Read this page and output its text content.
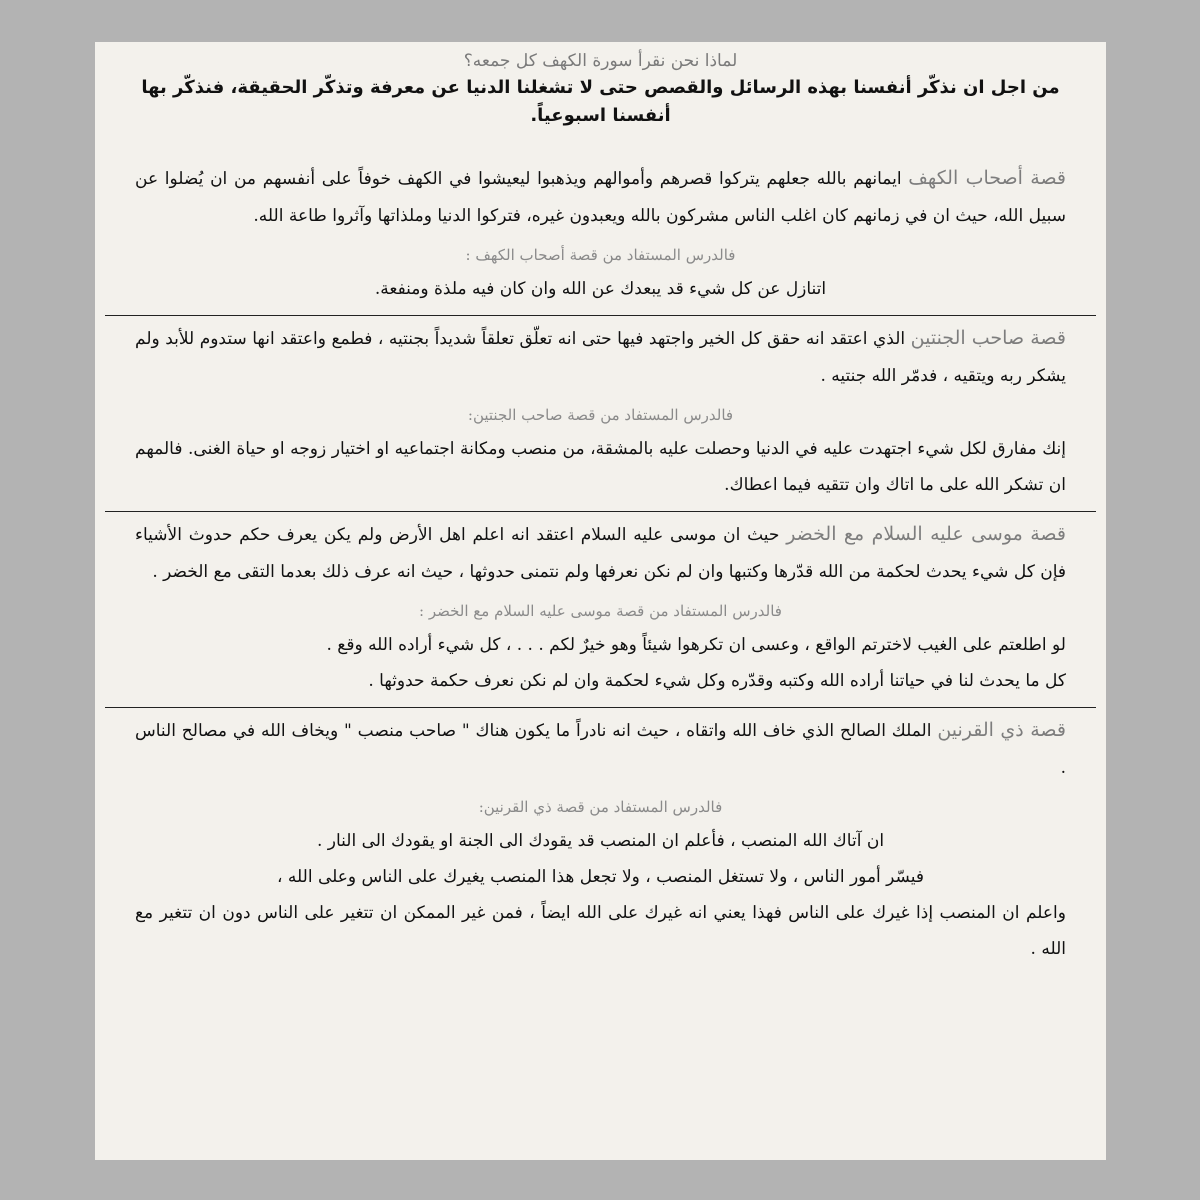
لماذا نحن نقرأ سورة الكهف كل جمعه؟

من اجل ان نذكّر أنفسنا بهذه الرسائل والقصص حتى لا تشغلنا الدنيا عن معرفة وتذكّر الحقيقة، فنذكّر بها أنفسنا اسبوعياً.

قصة أصحاب الكهف ايمانهم بالله جعلهم يتركوا قصرهم وأموالهم ويذهبوا ليعيشوا في الكهف خوفاً على أنفسهم من ان يُضلوا عن سبيل الله، حيث ان في زمانهم كان اغلب الناس مشركون بالله ويعبدون غيره، فتركوا الدنيا وملذاتها وآثروا طاعة الله.

فالدرس المستفاد من قصة أصحاب الكهف :

اتنازل عن كل شيء قد يبعدك عن الله وان كان فيه ملذة ومنفعة.

قصة صاحب الجنتين الذي اعتقد انه حقق كل الخير واجتهد فيها حتى انه تعلّق تعلقاً شديداً بجنتيه ، فطمع واعتقد انها ستدوم للأبد ولم يشكر ربه ويتقيه ، فدمّر الله جنتيه .

فالدرس المستفاد من قصة صاحب الجنتين:

إنك مفارق لكل شيء اجتهدت عليه في الدنيا وحصلت عليه بالمشقة، من منصب ومكانة اجتماعيه او اختيار زوجه او حياة الغنى. فالمهم ان تشكر الله على ما اتاك وان تتقيه فيما اعطاك.

قصة موسى عليه السلام مع الخضر حيث ان موسى عليه السلام اعتقد انه اعلم اهل الأرض ولم يكن يعرف حكم حدوث الأشياء فإن كل شيء يحدث لحكمة من الله قدّرها وكتبها وان لم نكن نعرفها ولم نتمنى حدوثها ، حيث انه عرف ذلك بعدما التقى مع الخضر .

فالدرس المستفاد من قصة موسى عليه السلام مع الخضر :

لو اطلعتم على الغيب لاخترتم الواقع ، وعسى ان تكرهوا شيئاً وهو خيرٌ لكم . . . ، كل شيء أراده الله وقع .

كل ما يحدث لنا في حياتنا أراده الله وكتبه وقدّره وكل شيء لحكمة وان لم نكن نعرف حكمة حدوثها .

قصة ذي القرنين الملك الصالح الذي خاف الله واتقاه ، حيث انه نادراً ما يكون هناك " صاحب منصب " ويخاف الله في مصالح الناس .

فالدرس المستفاد من قصة ذي القرنين:

ان آتاك الله المنصب ، فأعلم ان المنصب قد يقودك الى الجنة او يقودك الى النار .

فيسّر أمور الناس ، ولا تستغل المنصب ، ولا تجعل هذا المنصب يغيرك على الناس وعلى الله ،

واعلم ان المنصب إذا غيرك على الناس فهذا يعني انه غيرك على الله ايضاً ، فمن غير الممكن ان تتغير على الناس دون ان تتغير مع الله .
